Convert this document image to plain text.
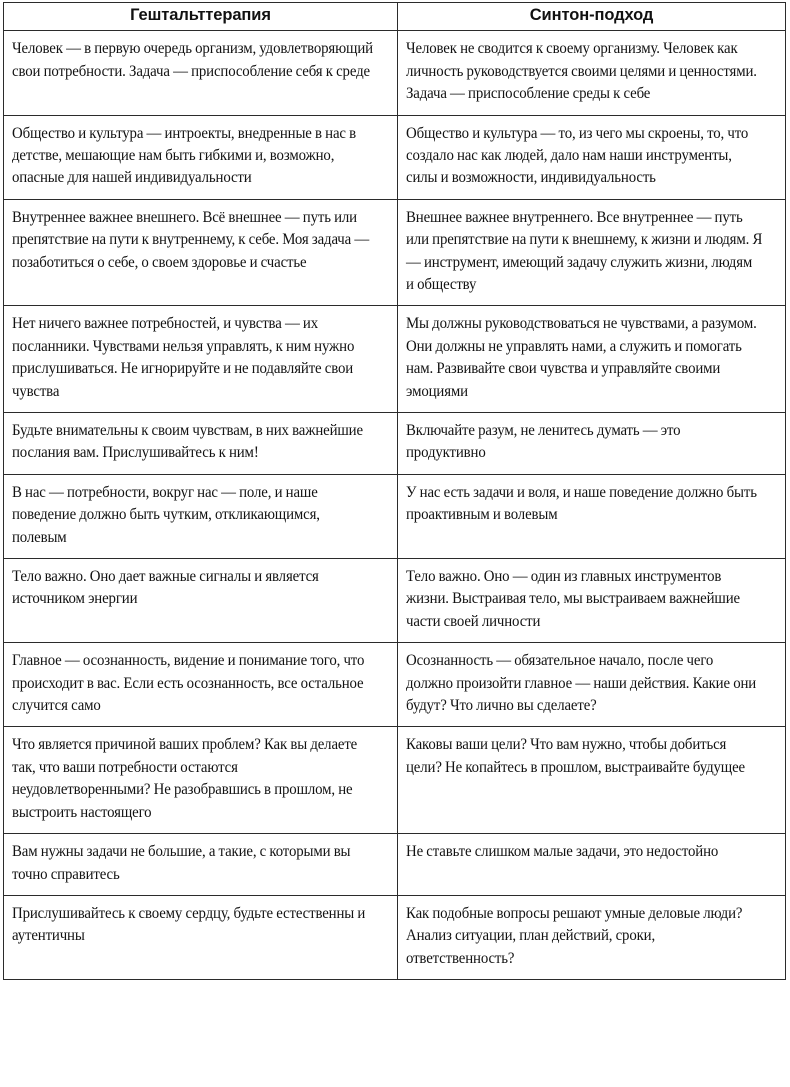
Гештальттерапия	Синтон-подход

Человек — в первую очередь организм, удовлетворяющий свои потребности. Задача — приспособление себя к среде	Человек не сводится к своему организму. Человек как личность руководствуется своими целями и ценностями. Задача — приспособление среды к себе

Общество и культура — интроекты, внедренные в нас в детстве, мешающие нам быть гибкими и, возможно, опасные для нашей индивидуальности	Общество и культура — то, из чего мы скроены, то, что создало нас как людей, дало нам наши инструменты, силы и возможности, индивидуальность

Внутреннее важнее внешнего. Всё внешнее — путь или препятствие на пути к внутреннему, к себе. Моя задача — позаботиться о себе, о своем здоровье и счастье	Внешнее важнее внутреннего. Все внутреннее — путь или препятствие на пути к внешнему, к жизни и людям. Я — инструмент, имеющий задачу служить жизни, людям и обществу

Нет ничего важнее потребностей, и чувства — их посланники. Чувствами нельзя управлять, к ним нужно прислушиваться. Не игнорируйте и не подавляйте свои чувства	Мы должны руководствоваться не чувствами, а разумом. Они должны не управлять нами, а служить и помогать нам. Развивайте свои чувства и управляйте своими эмоциями

Будьте внимательны к своим чувствам, в них важнейшие послания вам. Прислушивайтесь к ним!	Включайте разум, не ленитесь думать — это продуктивно

В нас — потребности, вокруг нас — поле, и наше поведение должно быть чутким, откликающимся, полевым	У нас есть задачи и воля, и наше поведение должно быть проактивным и волевым

Тело важно. Оно дает важные сигналы и является источником энергии	Тело важно. Оно — один из главных инструментов жизни. Выстраивая тело, мы выстраиваем важнейшие части своей личности

Главное — осознанность, видение и понимание того, что происходит в вас. Если есть осознанность, все остальное случится само	Осознанность — обязательное начало, после чего должно произойти главное — наши действия. Какие они будут? Что лично вы сделаете?

Что является причиной ваших проблем? Как вы делаете так, что ваши потребности остаются неудовлетворенными? Не разобравшись в прошлом, не выстроить настоящего	Каковы ваши цели? Что вам нужно, чтобы добиться цели? Не копайтесь в прошлом, выстраивайте будущее

Вам нужны задачи не большие, а такие, с которыми вы точно справитесь	Не ставьте слишком малые задачи, это недостойно

Прислушивайтесь к своему сердцу, будьте естественны и аутентичны	Как подобные вопросы решают умные деловые люди? Анализ ситуации, план действий, сроки, ответственность?
